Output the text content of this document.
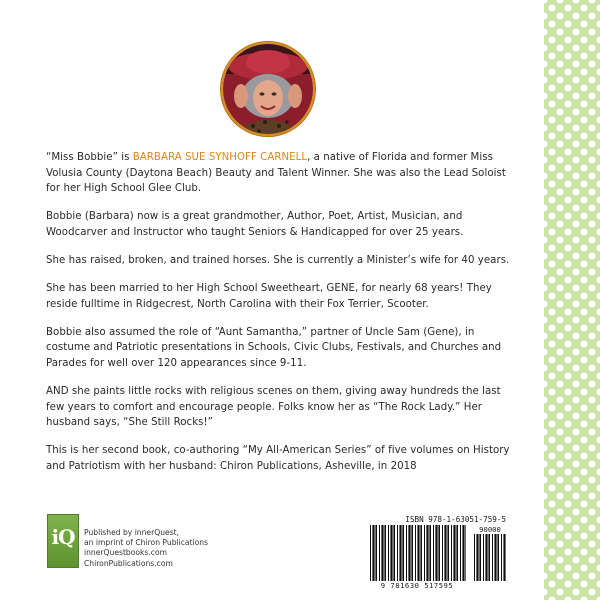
“Miss Bobbie” is BARBARA SUE SYNHOFF CARNELL, a native of Florida and former Miss Volusia County (Daytona Beach) Beauty and Talent Winner. She was also the Lead Soloist for her High School Glee Club.

Bobbie (Barbara) now is a great grandmother, Author, Poet, Artist, Musician, and Woodcarver and Instructor who taught Seniors & Handicapped for over 25 years.

She has raised, broken, and trained horses. She is currently a Minister’s wife for 40 years.

She has been married to her High School Sweetheart, GENE, for nearly 68 years! They reside fulltime in Ridgecrest, North Carolina with their Fox Terrier, Scooter.

Bobbie also assumed the role of “Aunt Samantha,” partner of Uncle Sam (Gene), in costume and Patriotic presentations in Schools, Civic Clubs, Festivals, and Churches and Parades for well over 120 appearances since 9-11.

AND she paints little rocks with religious scenes on them, giving away hundreds the last few years to comfort and encourage people. Folks know her as “The Rock Lady.” Her husband says, “She Still Rocks!”

This is her second book, co-authoring “My All-American Series” of five volumes on History and Patriotism with her husband: Chiron Publications, Asheville, in 2018

iQ	Published by innerQuest,
an imprint of Chiron Publications
innerQuestbooks.com
ChironPublications.com
ISBN 978-1-63051-759-5
9 781630 517595
90000
